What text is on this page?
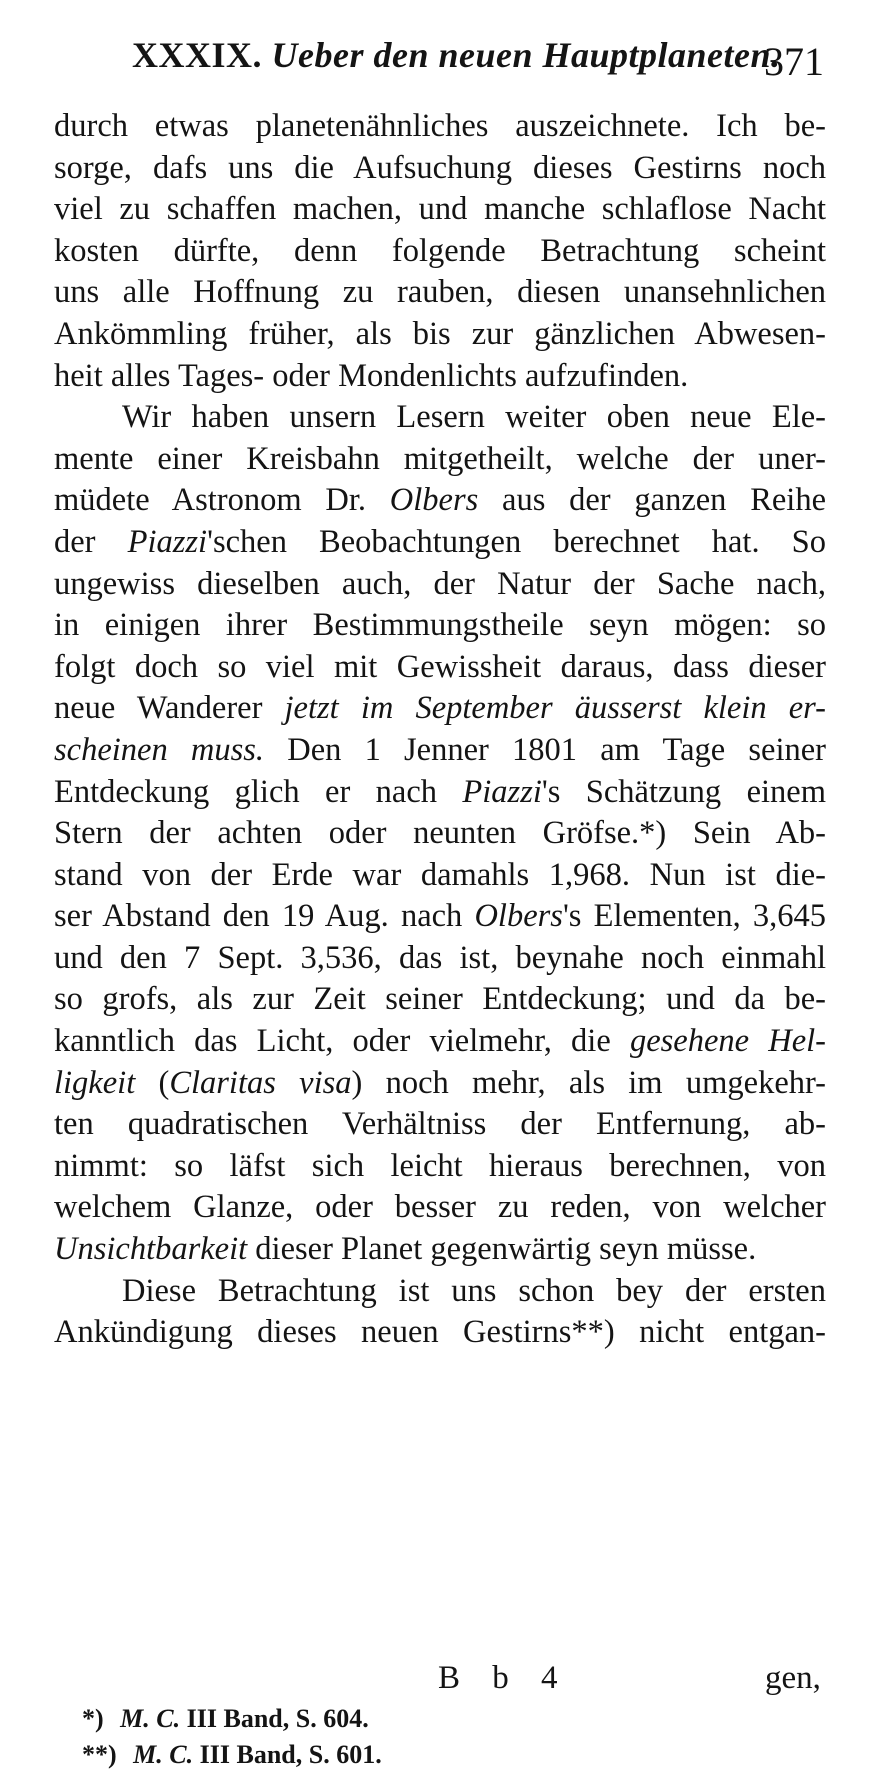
XXXIX. Ueber den neuen Hauptplaneten.
371
durch etwas planetenähnliches auszeichnete. Ich be-
sorge, dafs uns die Aufsuchung dieses Gestirns noch
viel zu schaffen machen, und manche schlaflose Nacht
kosten dürfte, denn folgende Betrachtung scheint
uns alle Hoffnung zu rauben, diesen unansehnlichen
Ankömmling früher, als bis zur gänzlichen Abwesen-
heit alles Tages- oder Mondenlichts aufzufinden.
Wir haben unsern Lesern weiter oben neue Ele-
mente einer Kreisbahn mitgetheilt, welche der uner-
müdete Astronom Dr. Olbers aus der ganzen Reihe
der Piazzi'schen Beobachtungen berechnet hat. So
ungewiss dieselben auch, der Natur der Sache nach,
in einigen ihrer Bestimmungstheile seyn mögen: so
folgt doch so viel mit Gewissheit daraus, dass dieser
neue Wanderer jetzt im September äusserst klein er-
scheinen muss. Den 1 Jenner 1801 am Tage seiner
Entdeckung glich er nach Piazzi's Schätzung einem
Stern der achten oder neunten Gröfse.*) Sein Ab-
stand von der Erde war damahls 1,968. Nun ist die-
ser Abstand den 19 Aug. nach Olbers's Elementen, 3,645
und den 7 Sept. 3,536, das ist, beynahe noch einmahl
so grofs, als zur Zeit seiner Entdeckung; und da be-
kanntlich das Licht, oder vielmehr, die gesehene Hel-
ligkeit (Claritas visa) noch mehr, als im umgekehr-
ten quadratischen Verhältniss der Entfernung, ab-
nimmt: so läfst sich leicht hieraus berechnen, von
welchem Glanze, oder besser zu reden, von welcher
Unsichtbarkeit dieser Planet gegenwärtig seyn müsse.
Diese Betrachtung ist uns schon bey der ersten
Ankündigung dieses neuen Gestirns**) nicht entgan-
B b 4	gen,
*) M. C. III Band, S. 604.
**) M. C. III Band, S. 601.
